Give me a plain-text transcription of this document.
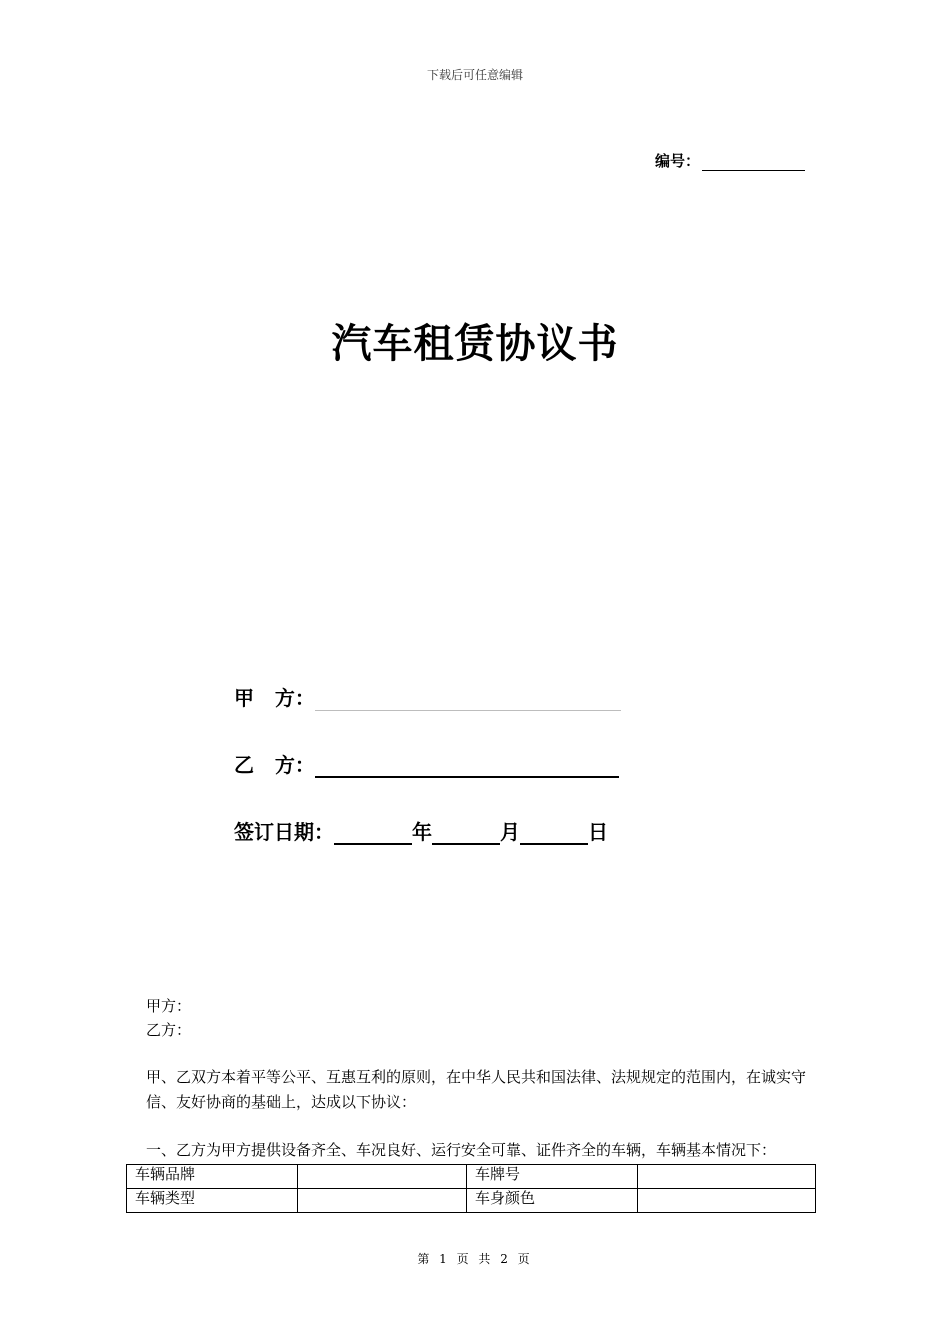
下载后可任意编辑
编号：
汽车租赁协议书
甲   方：
乙   方：
签订日期：	年	月	日
甲方：
乙方：
甲、乙双方本着平等公平、互惠互利的原则，在中华人民共和国法律、法规规定的范围内，在诚实守信、友好协商的基础上，达成以下协议：
一、乙方为甲方提供设备齐全、车况良好、运行安全可靠、证件齐全的车辆，车辆基本情况下：
车辆品牌		车牌号	
车辆类型		车身颜色	
第 1 页 共 2 页
